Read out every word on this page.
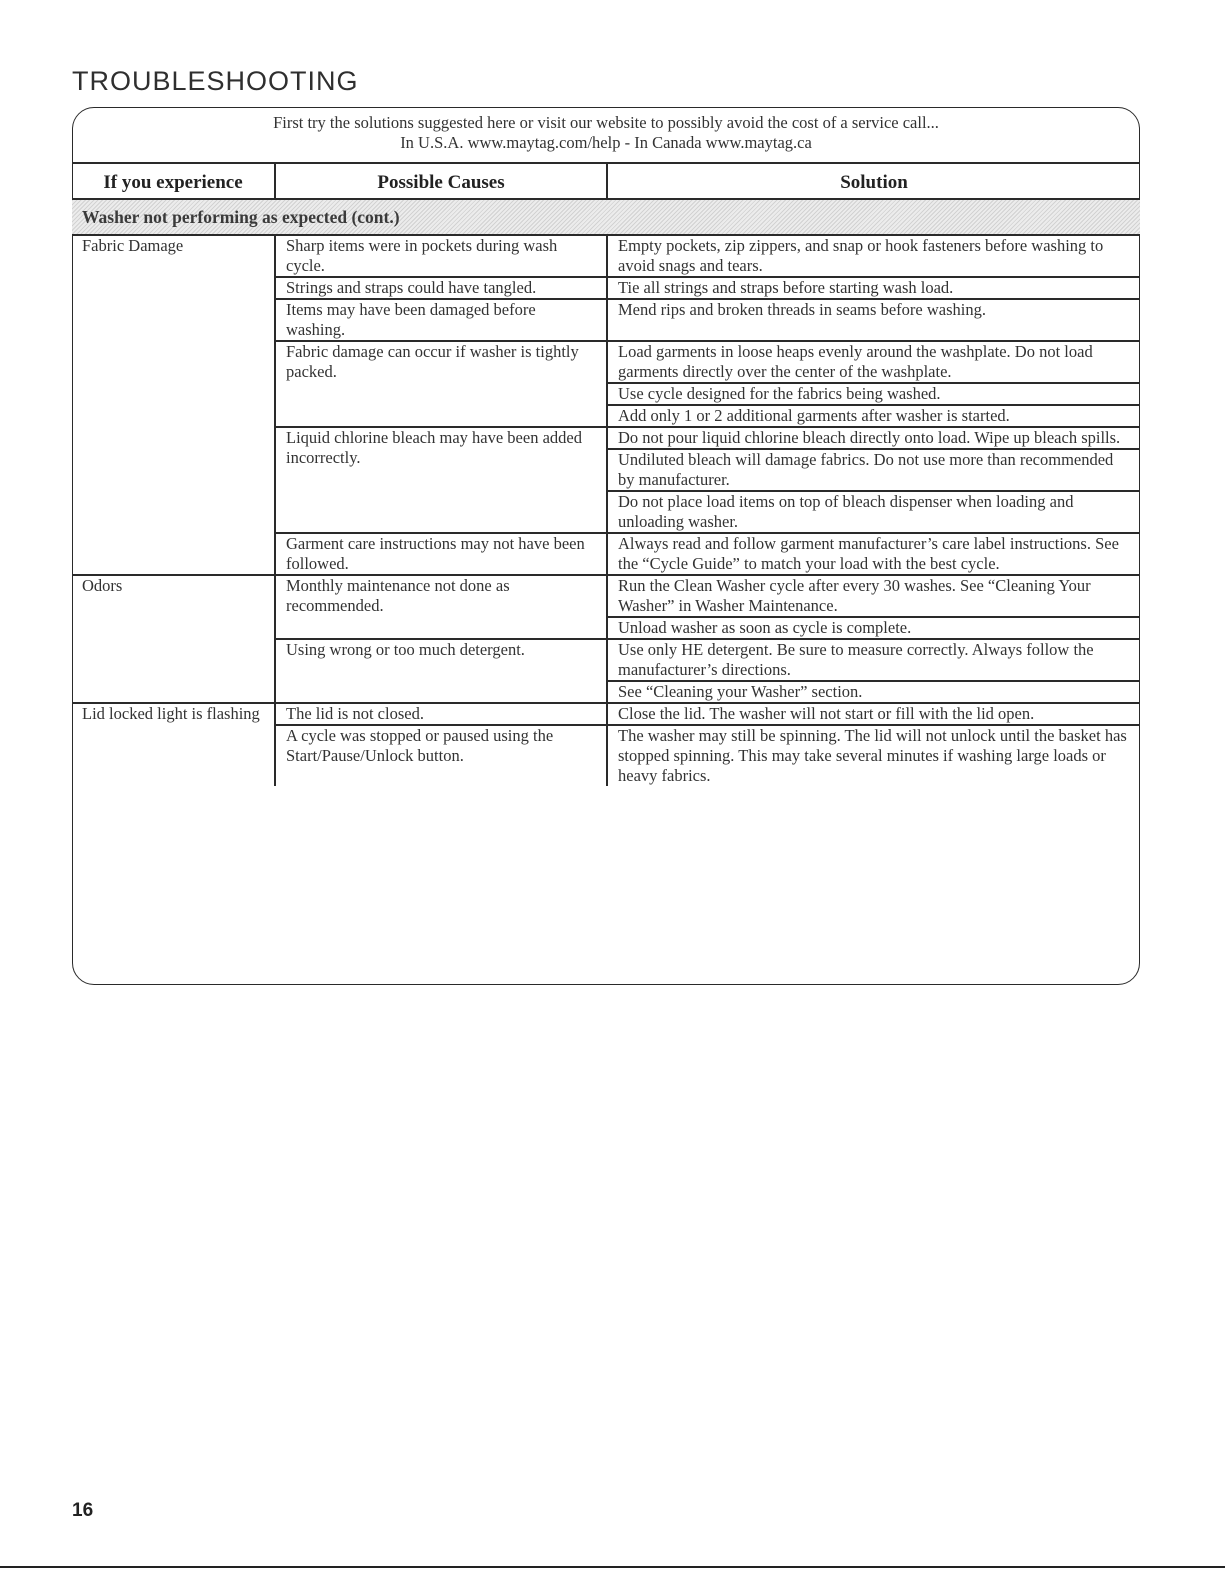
TROUBLESHOOTING
First try the solutions suggested here or visit our website to possibly avoid the cost of a service call...
In U.S.A. www.maytag.com/help - In Canada www.maytag.ca
If you experience	Possible Causes	Solution
Washer not performing as expected (cont.)		
Fabric Damage	Sharp items were in pockets during wash cycle.	Empty pockets, zip zippers, and snap or hook fasteners before washing to avoid snags and tears.
	Strings and straps could have tangled.	Tie all strings and straps before starting wash load.
	Items may have been damaged before washing.	Mend rips and broken threads in seams before washing.
	Fabric damage can occur if washer is tightly packed.	Load garments in loose heaps evenly around the washplate. Do not load garments directly over the center of the washplate.
		Use cycle designed for the fabrics being washed.
		Add only 1 or 2 additional garments after washer is started.
	Liquid chlorine bleach may have been added incorrectly.	Do not pour liquid chlorine bleach directly onto load. Wipe up bleach spills.
		Undiluted bleach will damage fabrics. Do not use more than recommended by manufacturer.
		Do not place load items on top of bleach dispenser when loading and unloading washer.
	Garment care instructions may not have been followed.	Always read and follow garment manufacturer’s care label instructions. See the “Cycle Guide” to match your load with the best cycle.
Odors	Monthly maintenance not done as recommended.	Run the Clean Washer cycle after every 30 washes. See “Cleaning Your Washer” in Washer Maintenance.
		Unload washer as soon as cycle is complete.
	Using wrong or too much detergent.	Use only HE detergent. Be sure to measure correctly. Always follow the manufacturer’s directions.
		See “Cleaning your Washer” section.
Lid locked light is flashing	The lid is not closed.	Close the lid. The washer will not start or fill with the lid open.
	A cycle was stopped or paused using the Start/Pause/Unlock button.	The washer may still be spinning. The lid will not unlock until the basket has stopped spinning. This may take several minutes if washing large loads or heavy fabrics.
16
